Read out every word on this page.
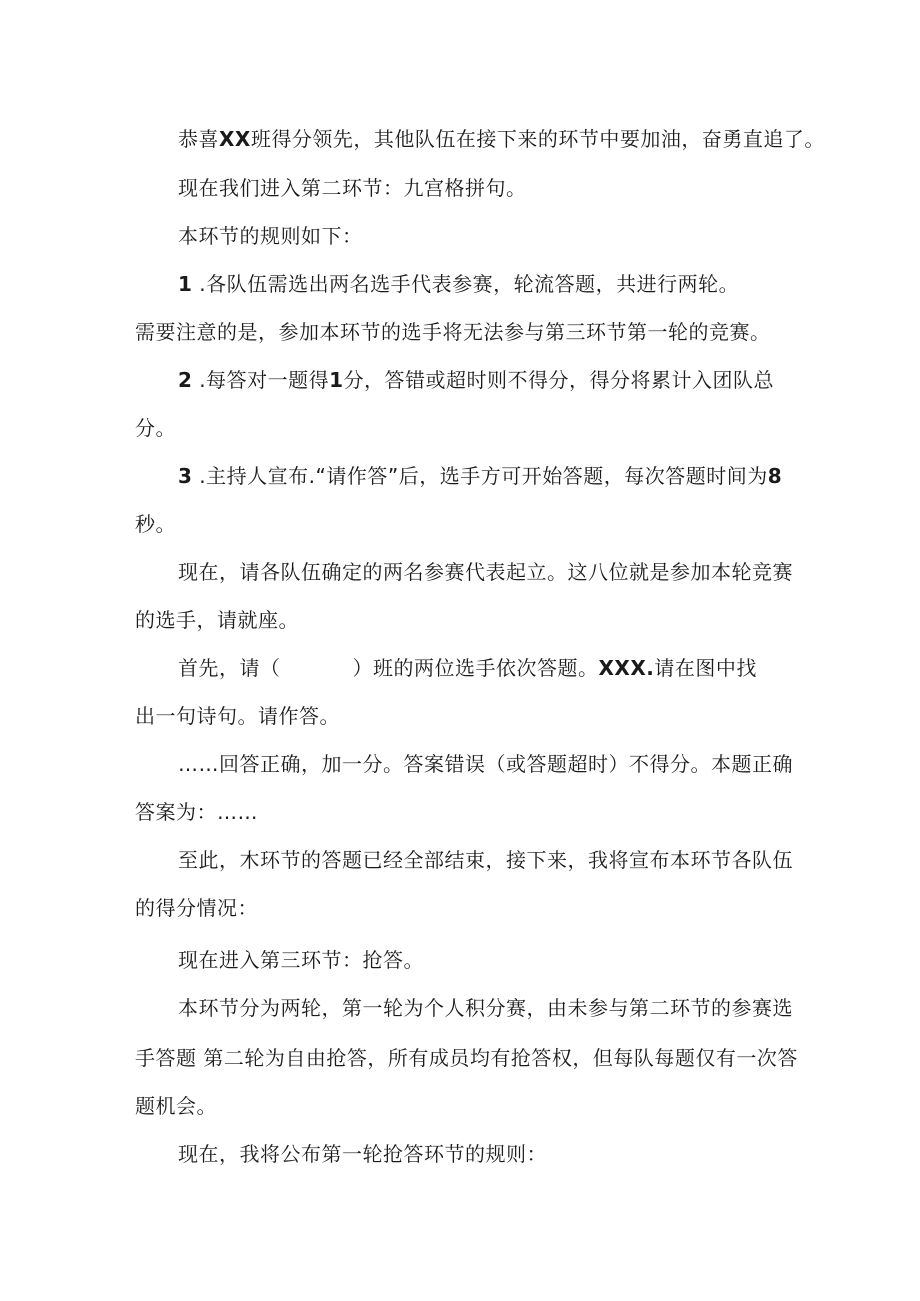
恭喜XX班得分领先，其他队伍在接下来的环节中要加油，奋勇直追了。
现在我们进入第二环节：九宫格拼句。
本环节的规则如下：
1 .各队伍需选出两名选手代表参赛，轮流答题，共进行两轮。
需要注意的是，参加本环节的选手将无法参与第三环节第一轮的竞赛。
2 .每答对一题得1分，答错或超时则不得分，得分将累计入团队总
分。
3 .主持人宣布.“请作答”后，选手方可开始答题，每次答题时间为8
秒。
现在，请各队伍确定的两名参赛代表起立。这八位就是参加本轮竞赛
的选手，请就座。
首先，请（	）班的两位选手依次答题。XXX.请在图中找
出一句诗句。请作答。
……回答正确，加一分。答案错误（或答题超时）不得分。本题正确
答案为：……
至此，木环节的答题已经全部结束，接下来，我将宣布本环节各队伍
的得分情况：
现在进入第三环节：抢答。
本环节分为两轮，第一轮为个人积分赛，由未参与第二环节的参赛选
手答题 第二轮为自由抢答，所有成员均有抢答权，但每队每题仅有一次答
题机会。
现在，我将公布第一轮抢答环节的规则：
